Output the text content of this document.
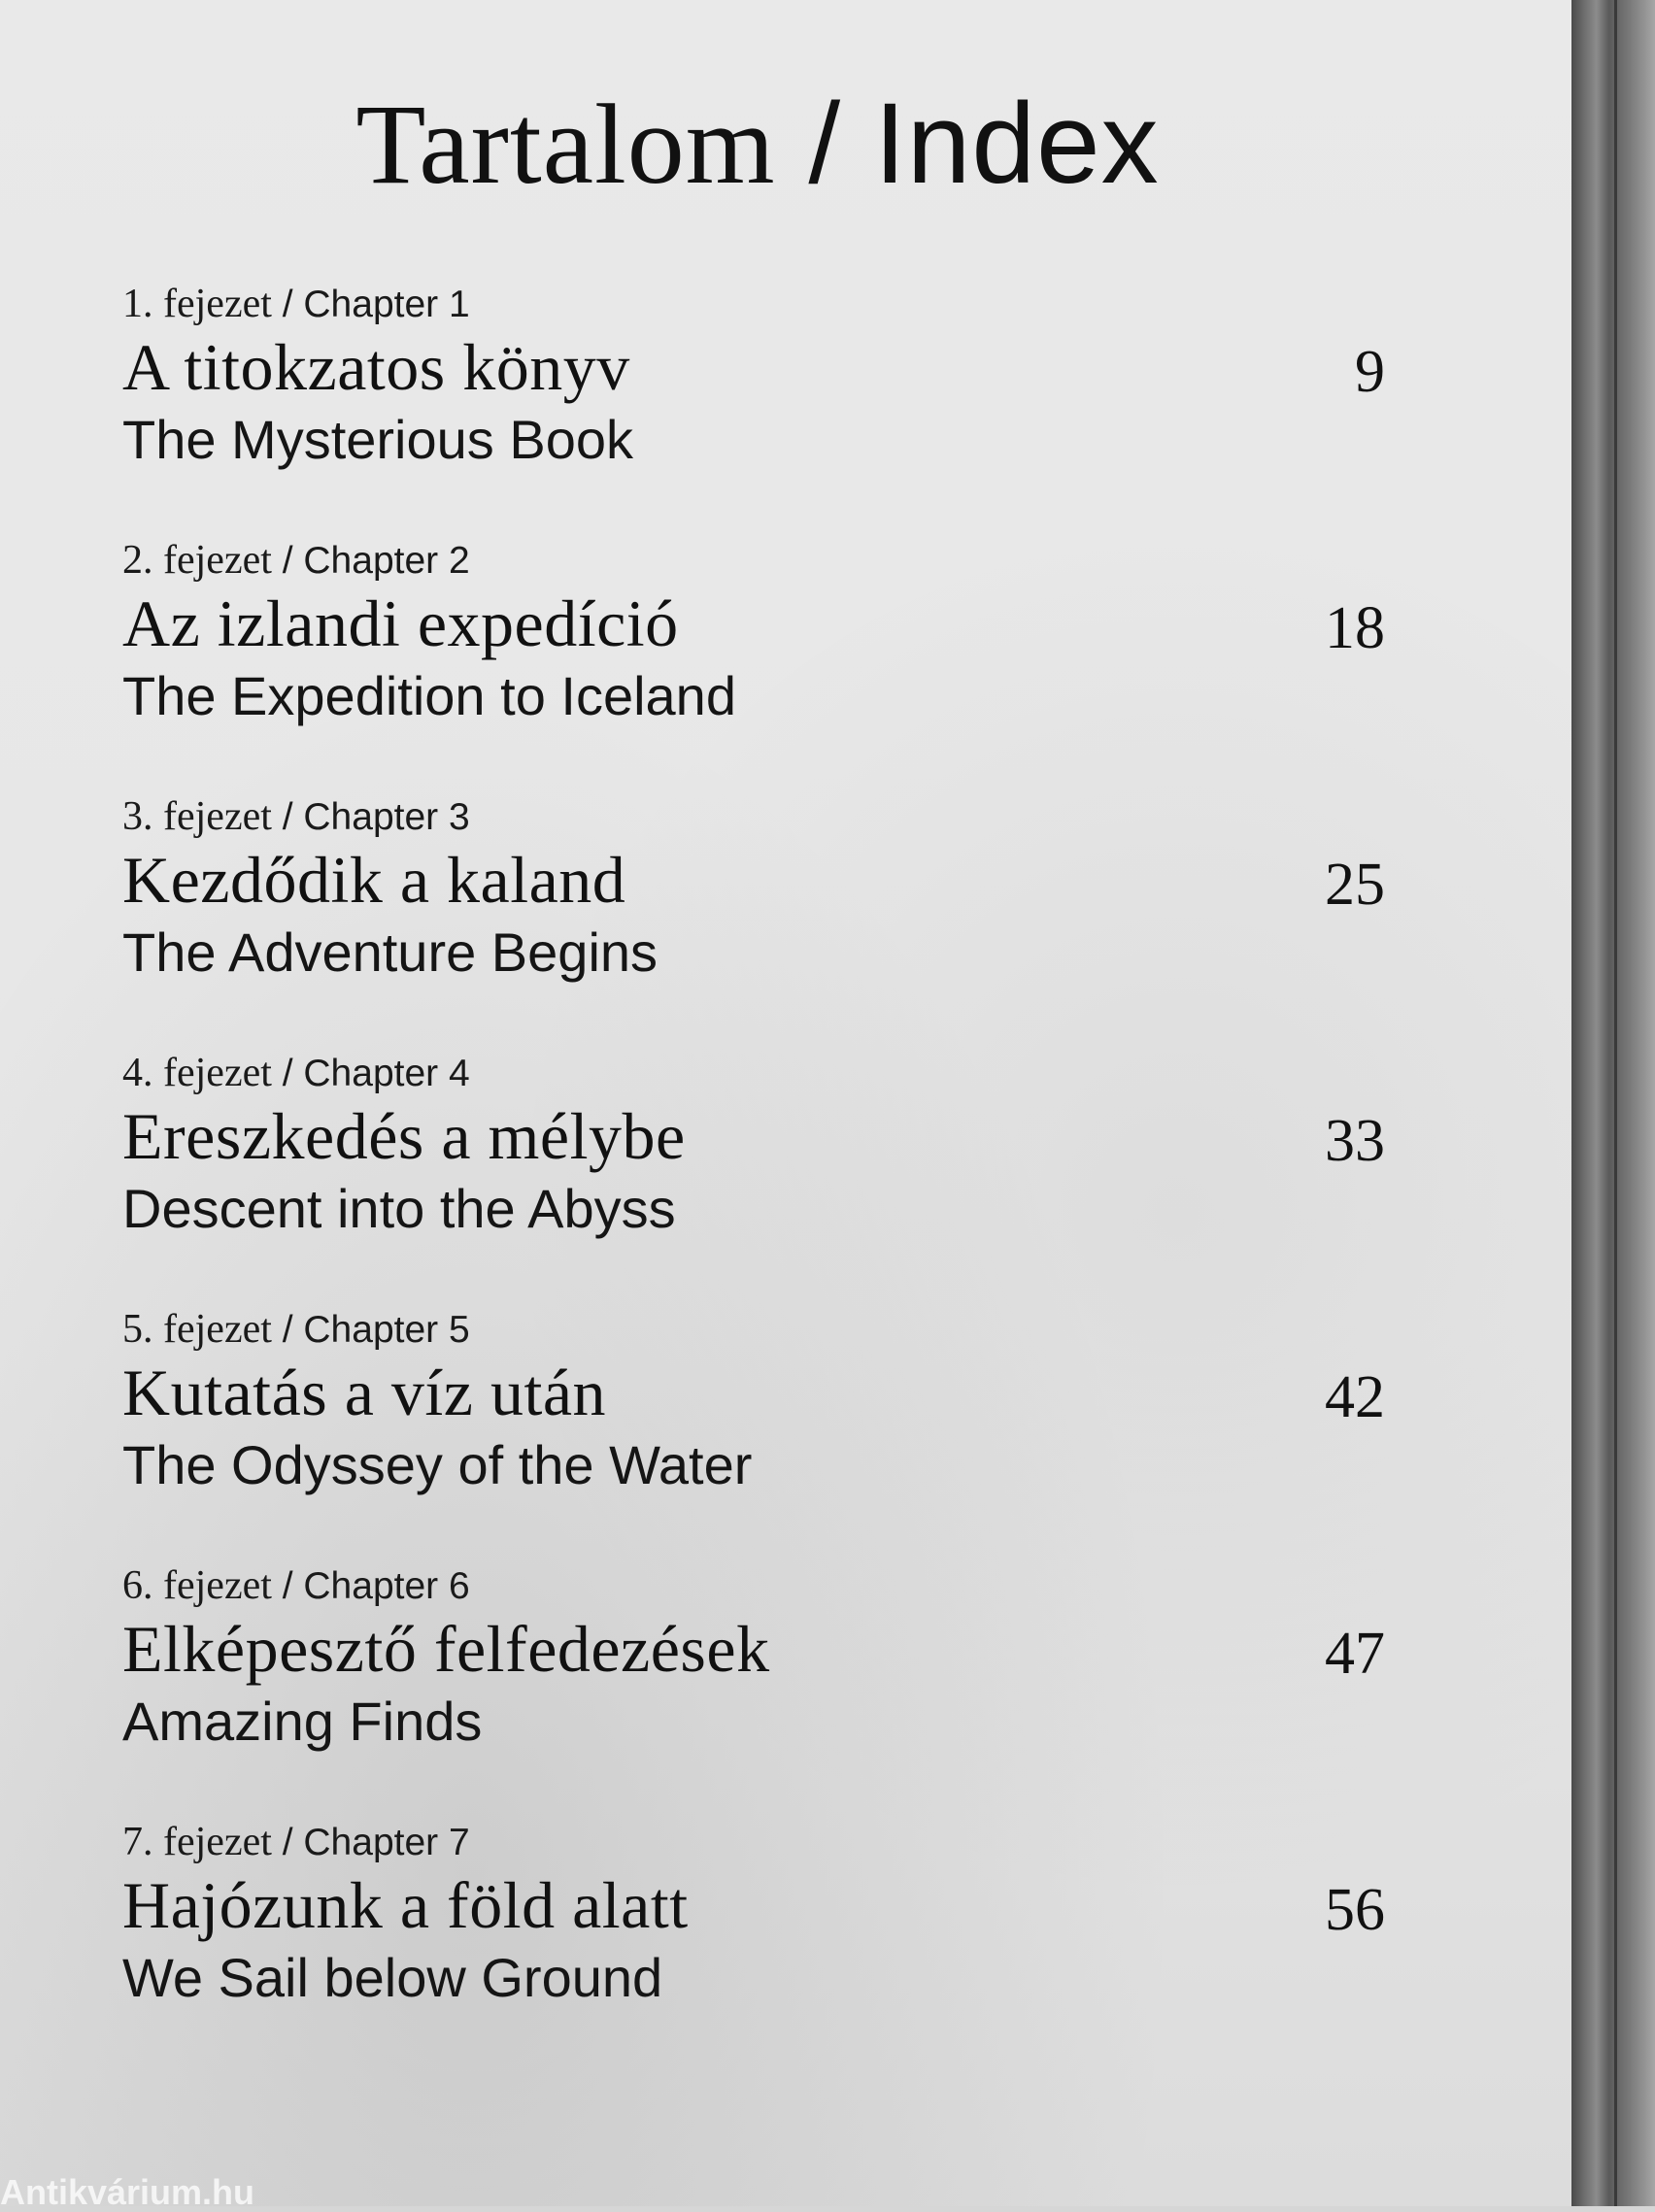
Tartalom / Index
1. fejezet / Chapter 1
A titokzatos könyv
The Mysterious Book
9
2. fejezet / Chapter 2
Az izlandi expedíció
The Expedition to Iceland
18
3. fejezet / Chapter 3
Kezdődik a kaland
The Adventure Begins
25
4. fejezet / Chapter 4
Ereszkedés a mélybe
Descent into the Abyss
33
5. fejezet / Chapter 5
Kutatás a víz után
The Odyssey of the Water
42
6. fejezet / Chapter 6
Elképesztő felfedezések
Amazing Finds
47
7. fejezet / Chapter 7
Hajózunk a föld alatt
We Sail below Ground
56
Antikvárium.hu
